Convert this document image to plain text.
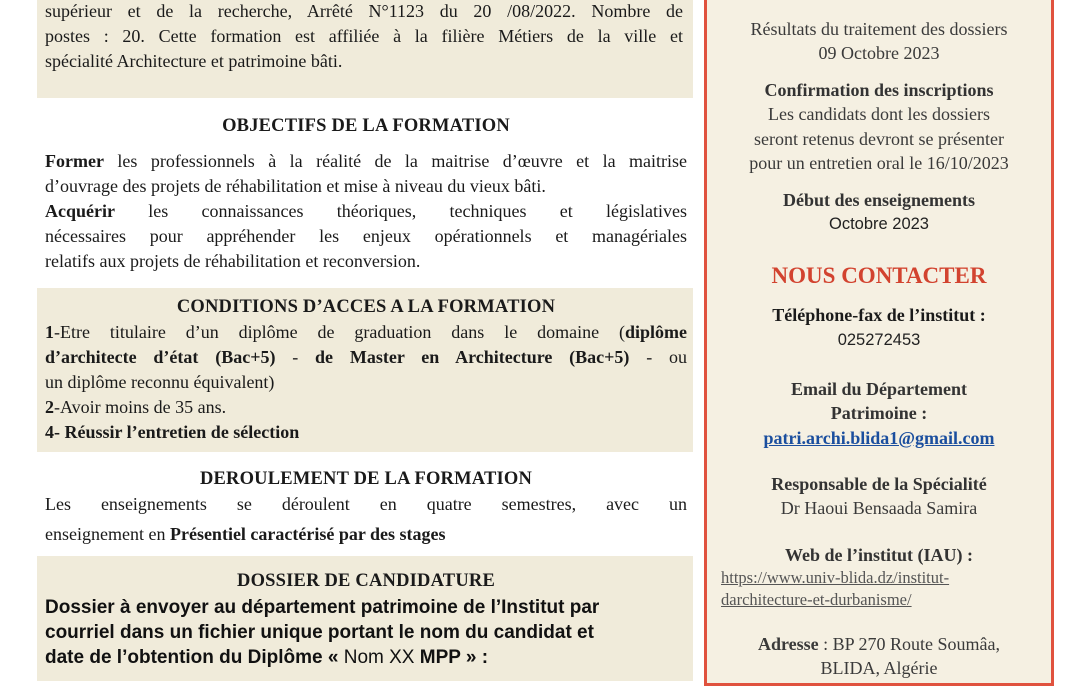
supérieur et de la recherche, Arrêté N°1123 du 20 /08/2022. Nombre de
postes : 20. Cette formation est affiliée à la filière Métiers de la ville et
spécialité Architecture et patrimoine bâti.
OBJECTIFS DE LA FORMATION
Former les professionnels à la réalité de la maitrise d’œuvre et la maitrise
d’ouvrage des projets de réhabilitation et mise à niveau du vieux bâti.
Acquérir les connaissances théoriques, techniques et législatives
nécessaires pour appréhender les enjeux opérationnels et managériales
relatifs aux projets de réhabilitation et reconversion.
CONDITIONS D’ACCES A LA FORMATION
1-Etre titulaire d’un diplôme de graduation dans le domaine (diplôme
d’architecte d’état (Bac+5) - de Master en Architecture (Bac+5) - ou
un diplôme reconnu équivalent)
2-Avoir moins de 35 ans.
4- Réussir l’entretien de sélection
DEROULEMENT DE LA FORMATION
Les enseignements se déroulent en quatre semestres, avec un
enseignement en Présentiel caractérisé par des stages
DOSSIER DE CANDIDATURE
Dossier à envoyer au département patrimoine de l’Institut par
courriel dans un fichier unique portant le nom du candidat et
date de l’obtention du Diplôme « Nom XX MPP » :
Résultats du traitement des dossiers
09 Octobre 2023
Confirmation des inscriptions
Les candidats dont les dossiers
seront retenus devront se présenter
pour un entretien oral le 16/10/2023
Début des enseignements
Octobre 2023
NOUS CONTACTER
Téléphone-fax de l’institut :
025272453
Email du Département
Patrimoine :
patri.archi.blida1@gmail.com
Responsable de la Spécialité
Dr Haoui Bensaada Samira
Web de l’institut (IAU) :
https://www.univ-blida.dz/institut-
darchitecture-et-durbanisme/
Adresse : BP 270 Route Soumâa,
BLIDA, Algérie
